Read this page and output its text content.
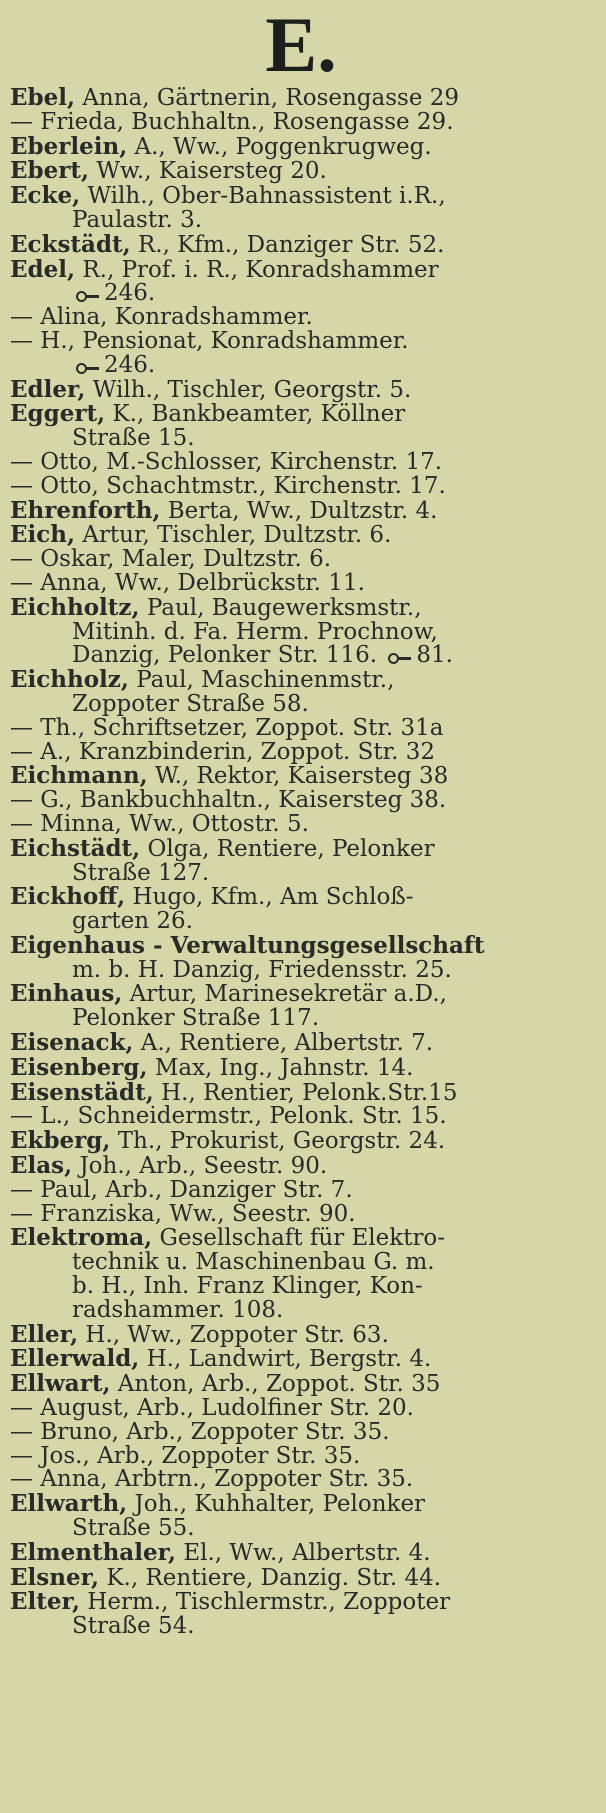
E.
Ebel, Anna, Gärtnerin, Rosengasse 29
— Frieda, Buchhaltn., Rosengasse 29.
Eberlein, A., Ww., Poggenkrugweg.
Ebert, Ww., Kaisersteg 20.
Ecke, Wilh., Ober-Bahnassistent i.R.,
Paulastr. 3.
Eckstädt, R., Kfm., Danziger Str. 52.
Edel, R., Prof. i. R., Konradshammer
246.
— Alina, Konradshammer.
— H., Pensionat, Konradshammer.
246.
Edler, Wilh., Tischler, Georgstr. 5.
Eggert, K., Bankbeamter, Köllner
Straße 15.
— Otto, M.-Schlosser, Kirchenstr. 17.
— Otto, Schachtmstr., Kirchenstr. 17.
Ehrenforth, Berta, Ww., Dultzstr. 4.
Eich, Artur, Tischler, Dultzstr. 6.
— Oskar, Maler, Dultzstr. 6.
— Anna, Ww., Delbrückstr. 11.
Eichholtz, Paul, Baugewerksmstr.,
Mitinh. d. Fa. Herm. Prochnow,
Danzig, Pelonker Str. 116. 81.
Eichholz, Paul, Maschinenmstr.,
Zoppoter Straße 58.
— Th., Schriftsetzer, Zoppot. Str. 31a
— A., Kranzbinderin, Zoppot. Str. 32
Eichmann, W., Rektor, Kaisersteg 38
— G., Bankbuchhaltn., Kaisersteg 38.
— Minna, Ww., Ottostr. 5.
Eichstädt, Olga, Rentiere, Pelonker
Straße 127.
Eickhoff, Hugo, Kfm., Am Schloß-
garten 26.
Eigenhaus - Verwaltungsgesellschaft
m. b. H. Danzig, Friedensstr. 25.
Einhaus, Artur, Marinesekretär a.D.,
Pelonker Straße 117.
Eisenack, A., Rentiere, Albertstr. 7.
Eisenberg, Max, Ing., Jahnstr. 14.
Eisenstädt, H., Rentier, Pelonk.Str.15
— L., Schneidermstr., Pelonk. Str. 15.
Ekberg, Th., Prokurist, Georgstr. 24.
Elas, Joh., Arb., Seestr. 90.
— Paul, Arb., Danziger Str. 7.
— Franziska, Ww., Seestr. 90.
Elektroma, Gesellschaft für Elektro-
technik u. Maschinenbau G. m.
b. H., Inh. Franz Klinger, Kon-
radshammer. 108.
Eller, H., Ww., Zoppoter Str. 63.
Ellerwald, H., Landwirt, Bergstr. 4.
Ellwart, Anton, Arb., Zoppot. Str. 35
— August, Arb., Ludolfiner Str. 20.
— Bruno, Arb., Zoppoter Str. 35.
— Jos., Arb., Zoppoter Str. 35.
— Anna, Arbtrn., Zoppoter Str. 35.
Ellwarth, Joh., Kuhhalter, Pelonker
Straße 55.
Elmenthaler, El., Ww., Albertstr. 4.
Elsner, K., Rentiere, Danzig. Str. 44.
Elter, Herm., Tischlermstr., Zoppoter
Straße 54.
